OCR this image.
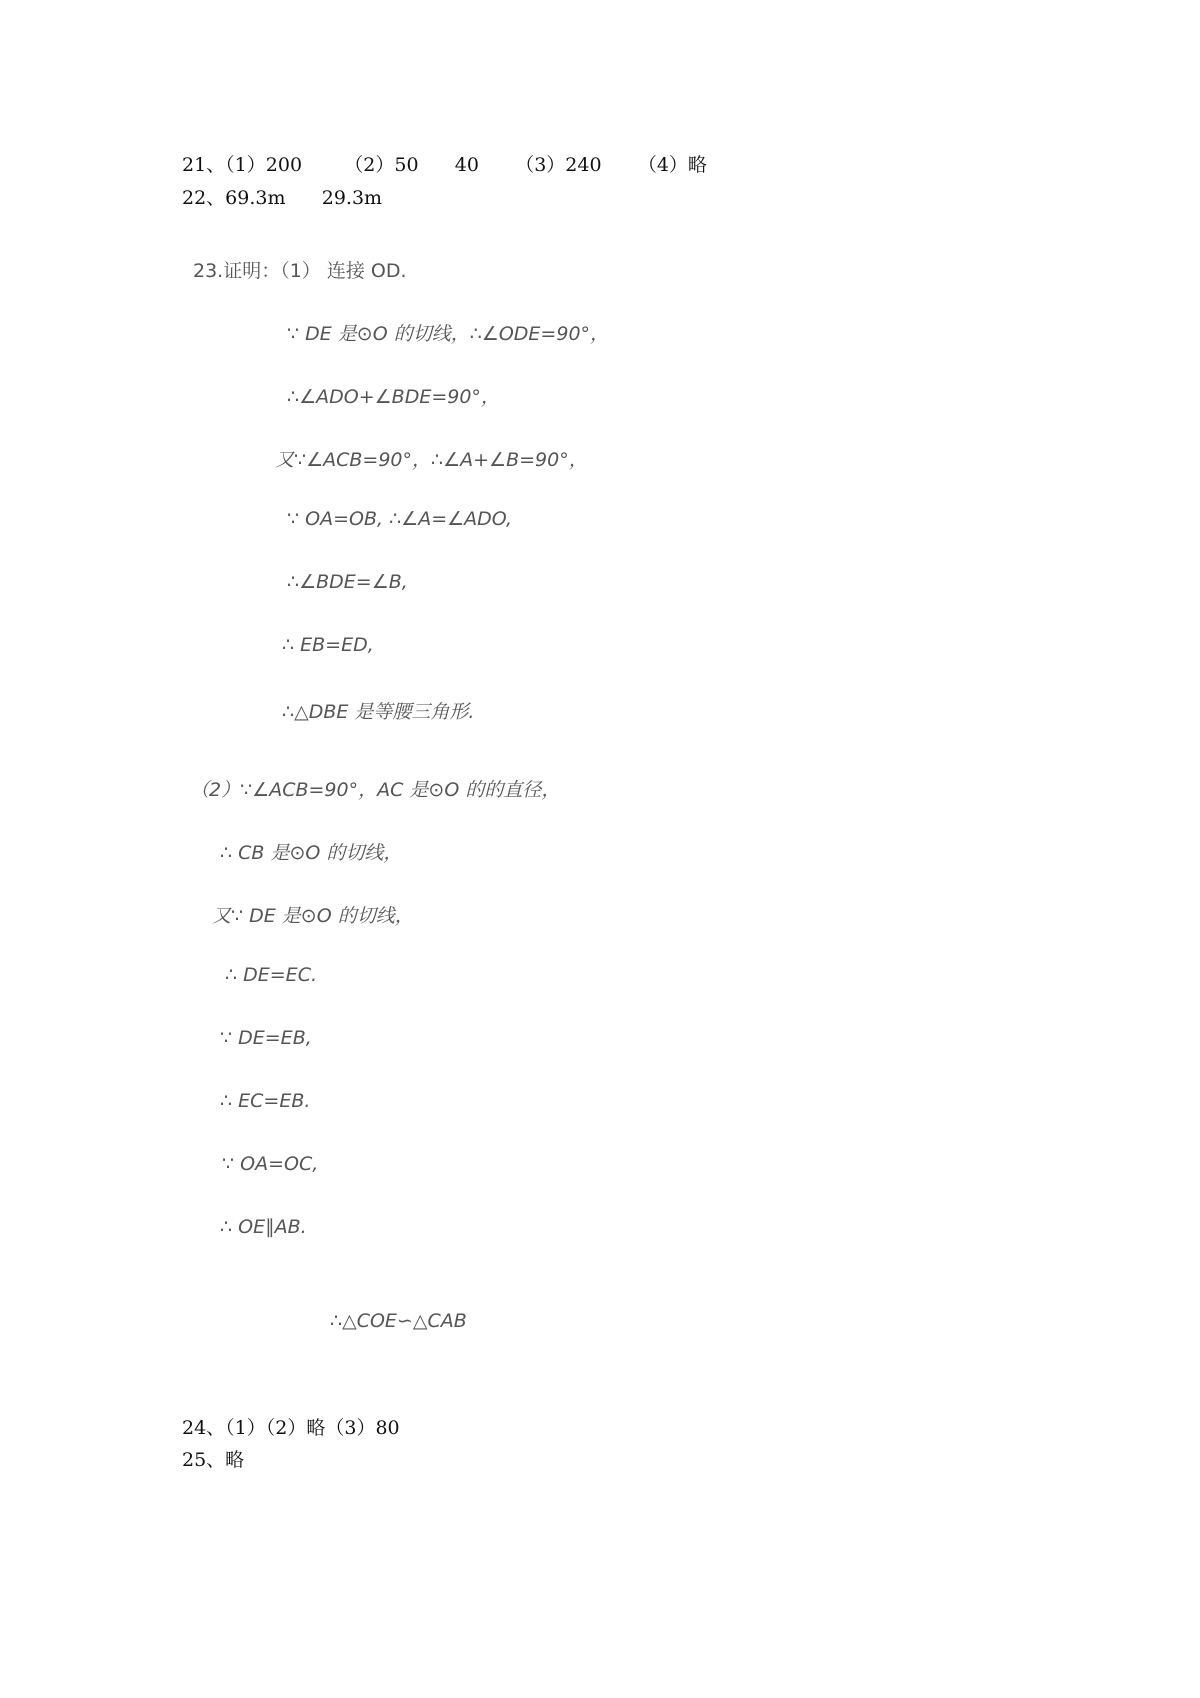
21、（1）200       （2）50      40      （3）240      （4）略
22、69.3m      29.3m
23.证明：（1） 连接 OD.
∵ DE 是⊙O 的切线，∴∠ODE=90°，
∴∠ADO+∠BDE=90°，
又∵∠ACB=90°，∴∠A+∠B=90°，
∵ OA=OB, ∴∠A=∠ADO,
∴∠BDE=∠B,
∴ EB=ED,
∴△DBE 是等腰三角形.
（2）∵∠ACB=90°，AC 是⊙O 的的直径，
∴ CB 是⊙O 的切线，
又∵ DE 是⊙O 的切线，
∴ DE=EC.
∵ DE=EB,
∴ EC=EB.
∵ OA=OC,
∴ OE∥AB.
∴△COE∽△CAB
24、（1）（2）略（3）80
25、略
